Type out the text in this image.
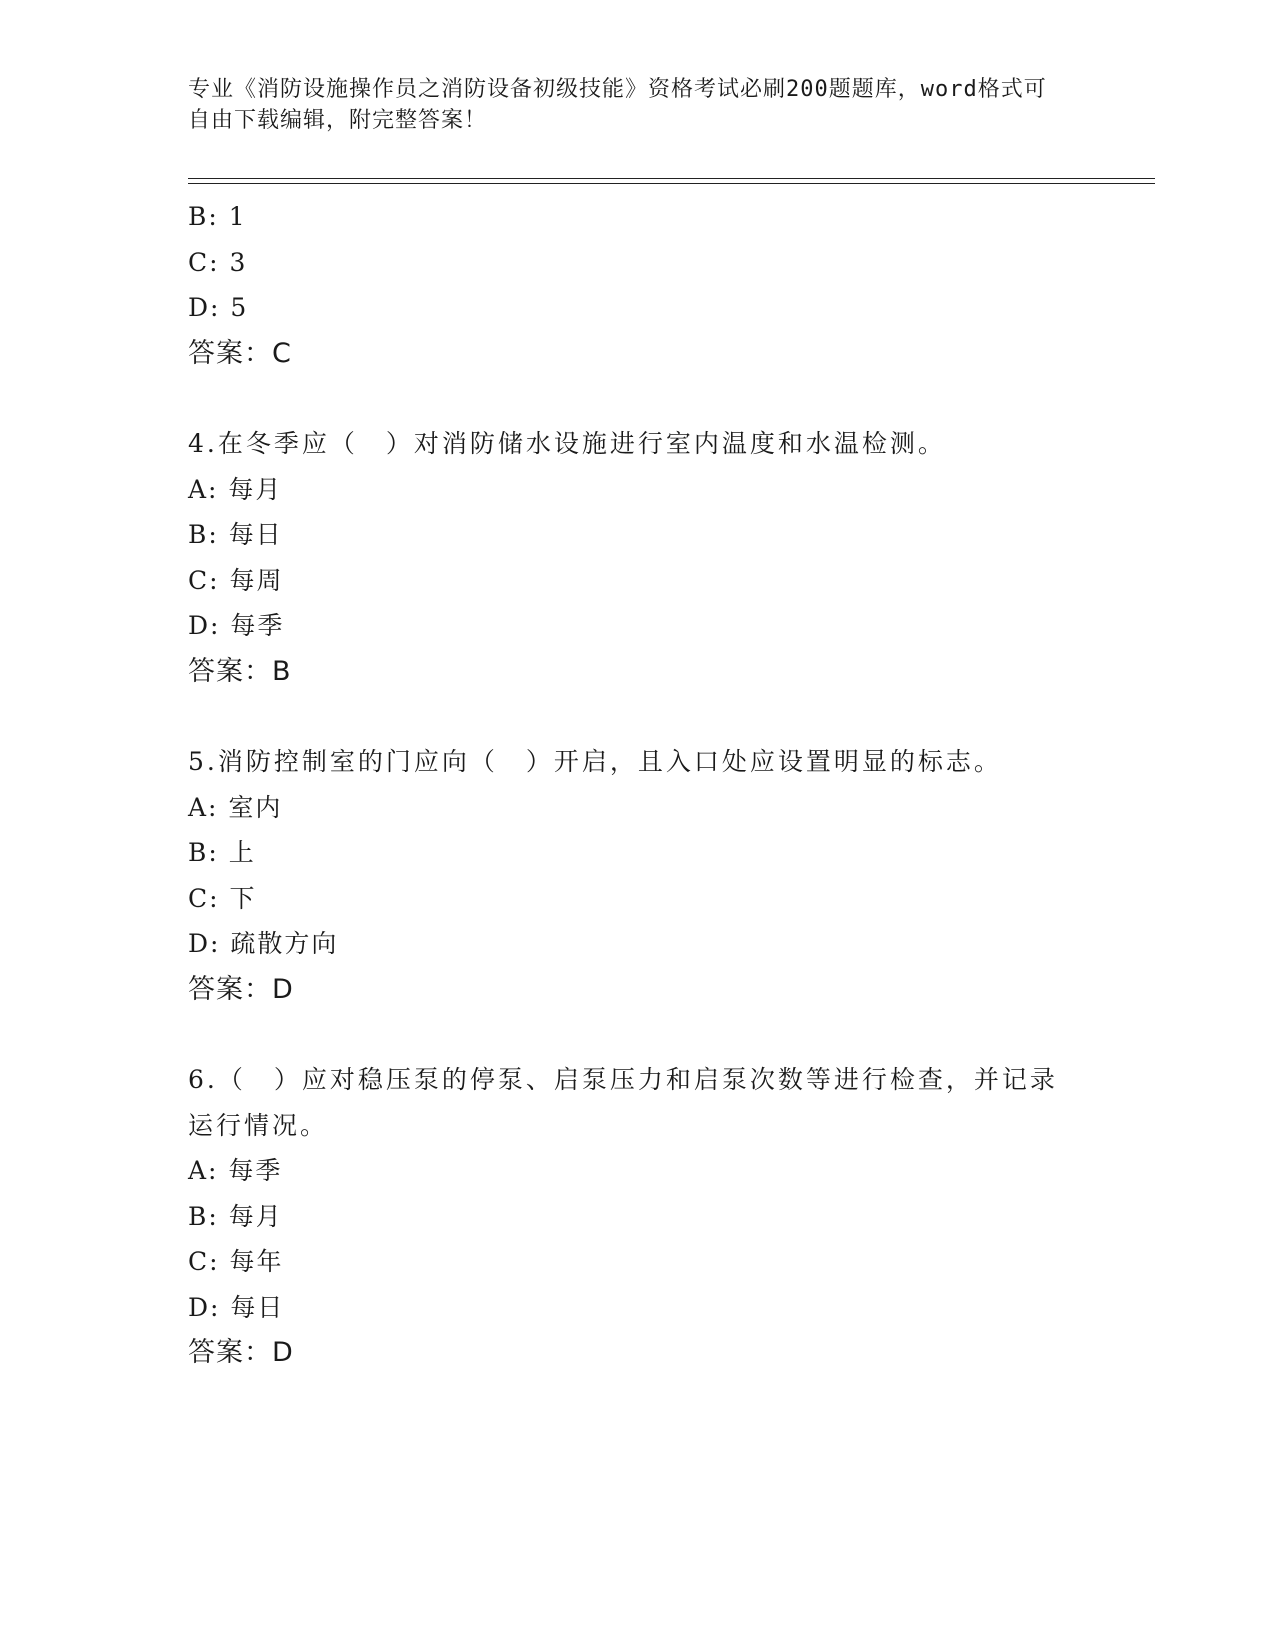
专业《消防设施操作员之消防设备初级技能》资格考试必刷200题题库，word格式可自由下载编辑，附完整答案！
B: 1
C: 3
D: 5
答案：C
4.在冬季应（　）对消防储水设施进行室内温度和水温检测。
A: 每月
B: 每日
C: 每周
D: 每季
答案：B
5.消防控制室的门应向（　）开启，且入口处应设置明显的标志。
A: 室内
B: 上
C: 下
D: 疏散方向
答案：D
6.（　）应对稳压泵的停泵、启泵压力和启泵次数等进行检查，并记录运行情况。
A: 每季
B: 每月
C: 每年
D: 每日
答案：D
